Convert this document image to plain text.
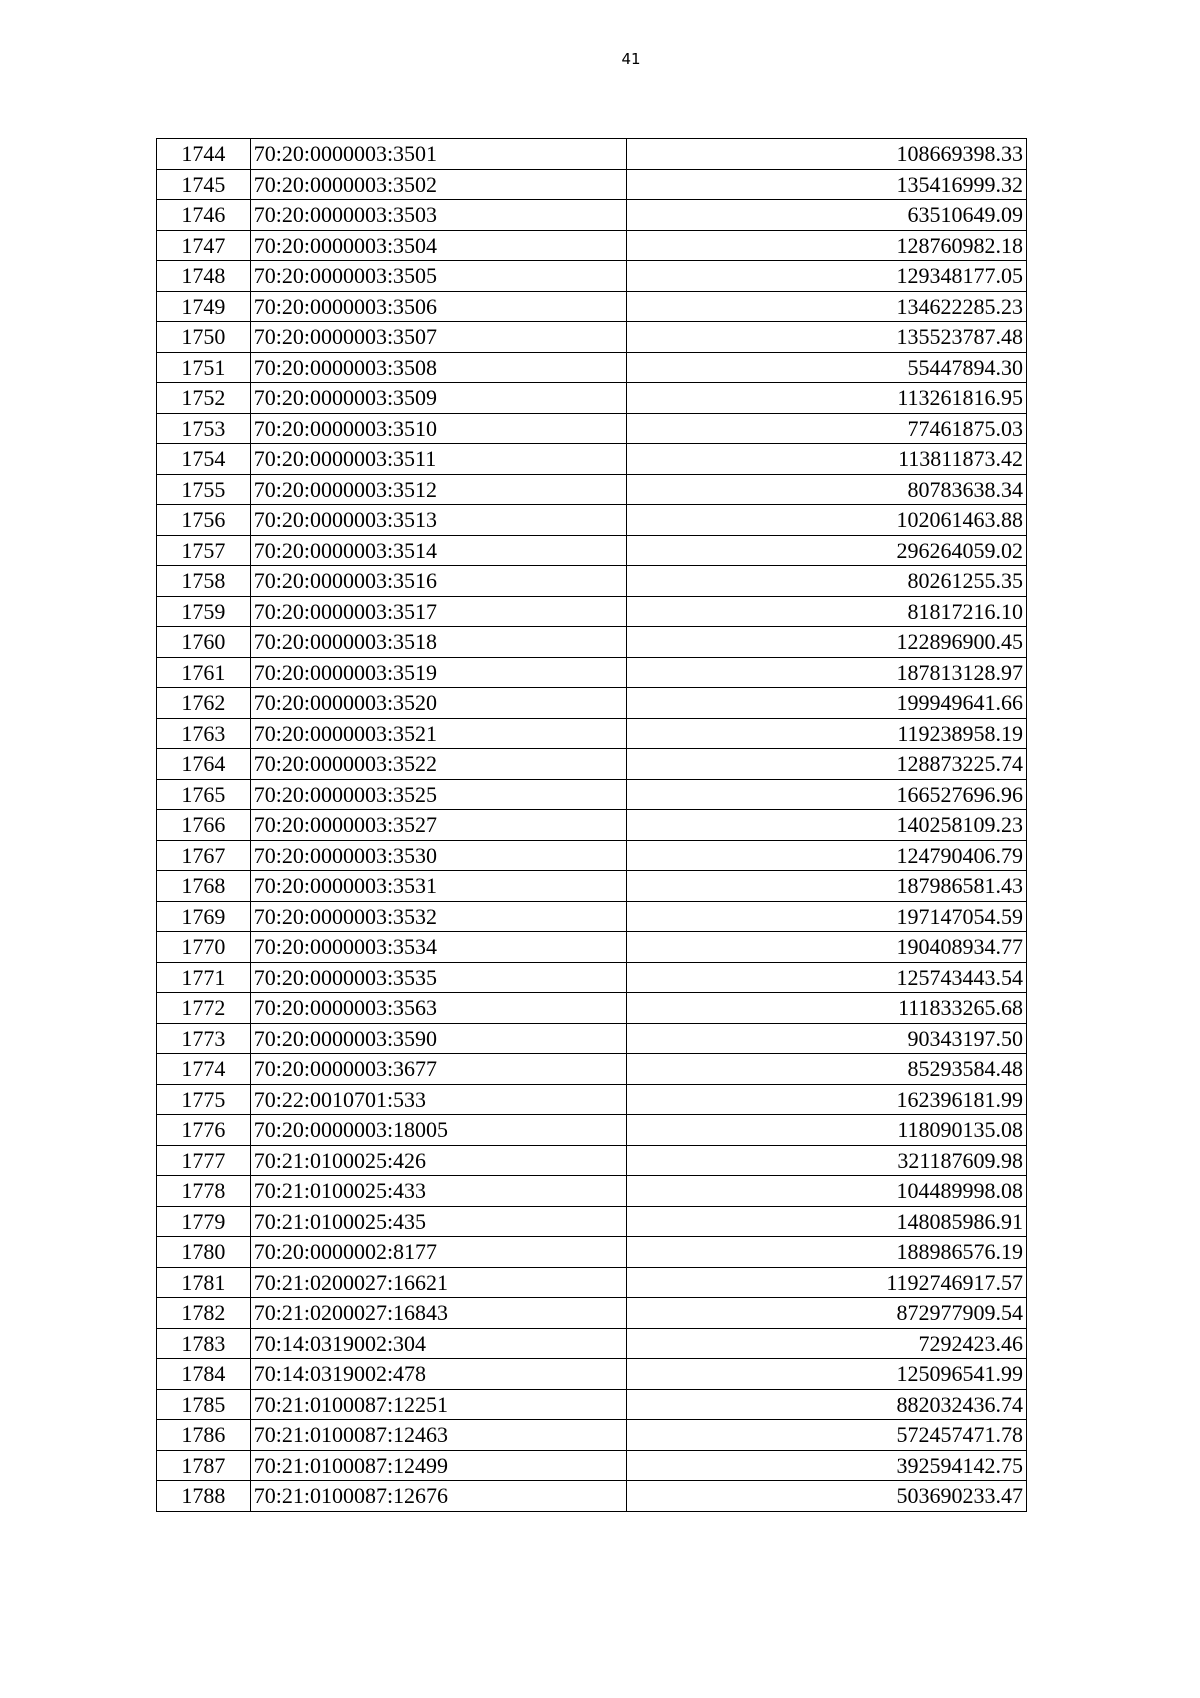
41
1744	70:20:0000003:3501	108669398.33
1745	70:20:0000003:3502	135416999.32
1746	70:20:0000003:3503	63510649.09
1747	70:20:0000003:3504	128760982.18
1748	70:20:0000003:3505	129348177.05
1749	70:20:0000003:3506	134622285.23
1750	70:20:0000003:3507	135523787.48
1751	70:20:0000003:3508	55447894.30
1752	70:20:0000003:3509	113261816.95
1753	70:20:0000003:3510	77461875.03
1754	70:20:0000003:3511	113811873.42
1755	70:20:0000003:3512	80783638.34
1756	70:20:0000003:3513	102061463.88
1757	70:20:0000003:3514	296264059.02
1758	70:20:0000003:3516	80261255.35
1759	70:20:0000003:3517	81817216.10
1760	70:20:0000003:3518	122896900.45
1761	70:20:0000003:3519	187813128.97
1762	70:20:0000003:3520	199949641.66
1763	70:20:0000003:3521	119238958.19
1764	70:20:0000003:3522	128873225.74
1765	70:20:0000003:3525	166527696.96
1766	70:20:0000003:3527	140258109.23
1767	70:20:0000003:3530	124790406.79
1768	70:20:0000003:3531	187986581.43
1769	70:20:0000003:3532	197147054.59
1770	70:20:0000003:3534	190408934.77
1771	70:20:0000003:3535	125743443.54
1772	70:20:0000003:3563	111833265.68
1773	70:20:0000003:3590	90343197.50
1774	70:20:0000003:3677	85293584.48
1775	70:22:0010701:533	162396181.99
1776	70:20:0000003:18005	118090135.08
1777	70:21:0100025:426	321187609.98
1778	70:21:0100025:433	104489998.08
1779	70:21:0100025:435	148085986.91
1780	70:20:0000002:8177	188986576.19
1781	70:21:0200027:16621	1192746917.57
1782	70:21:0200027:16843	872977909.54
1783	70:14:0319002:304	7292423.46
1784	70:14:0319002:478	125096541.99
1785	70:21:0100087:12251	882032436.74
1786	70:21:0100087:12463	572457471.78
1787	70:21:0100087:12499	392594142.75
1788	70:21:0100087:12676	503690233.47
